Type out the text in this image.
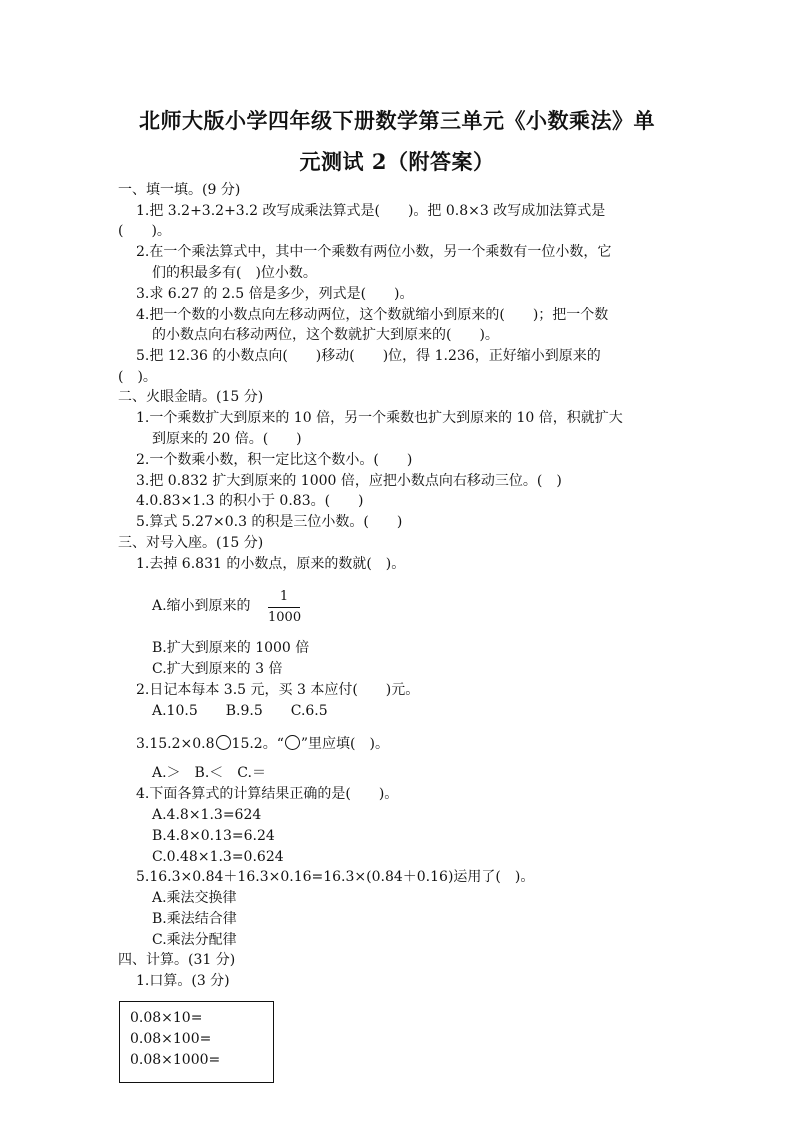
北师大版小学四年级下册数学第三单元《小数乘法》单
元测试 2（附答案）
一、填一填。(9 分)
1.把 3.2+3.2+3.2 改写成乘法算式是(　　)。把 0.8×3 改写成加法算式是
(　　)。
2.在一个乘法算式中，其中一个乘数有两位小数，另一个乘数有一位小数，它
们的积最多有(　)位小数。
3.求 6.27 的 2.5 倍是多少，列式是(　　)。
4.把一个数的小数点向左移动两位，这个数就缩小到原来的(　　)；把一个数
的小数点向右移动两位，这个数就扩大到原来的(　　)。
5.把 12.36 的小数点向(　　)移动(　　)位，得 1.236，正好缩小到原来的
(　)。
二、火眼金睛。(15 分)
1.一个乘数扩大到原来的 10 倍，另一个乘数也扩大到原来的 10 倍，积就扩大
到原来的 20 倍。(　　)
2.一个数乘小数，积一定比这个数小。(　　)
3.把 0.832 扩大到原来的 1000 倍，应把小数点向右移动三位。(　)
4.0.83×1.3 的积小于 0.83。(　　)
5.算式 5.27×0.3 的积是三位小数。(　　)
三、对号入座。(15 分)
1.去掉 6.831 的小数点，原来的数就(　)。
A.缩小到原来的
1
1000
B.扩大到原来的 1000 倍
C.扩大到原来的 3 倍
2.日记本每本 3.5 元，买 3 本应付(　　)元。
A.10.5　　B.9.5　　C.6.5
3.15.2×0.8 15.2。“ ”里应填(　)。
A.＞　B.＜　C.＝
4.下面各算式的计算结果正确的是(　　)。
A.4.8×1.3=624
B.4.8×0.13=6.24
C.0.48×1.3=0.624
5.16.3×0.84＋16.3×0.16=16.3×(0.84＋0.16)运用了(　)。
A.乘法交换律
B.乘法结合律
C.乘法分配律
四、计算。(31 分)
1.口算。(3 分)
0.08×10=
0.08×100=
0.08×1000=
